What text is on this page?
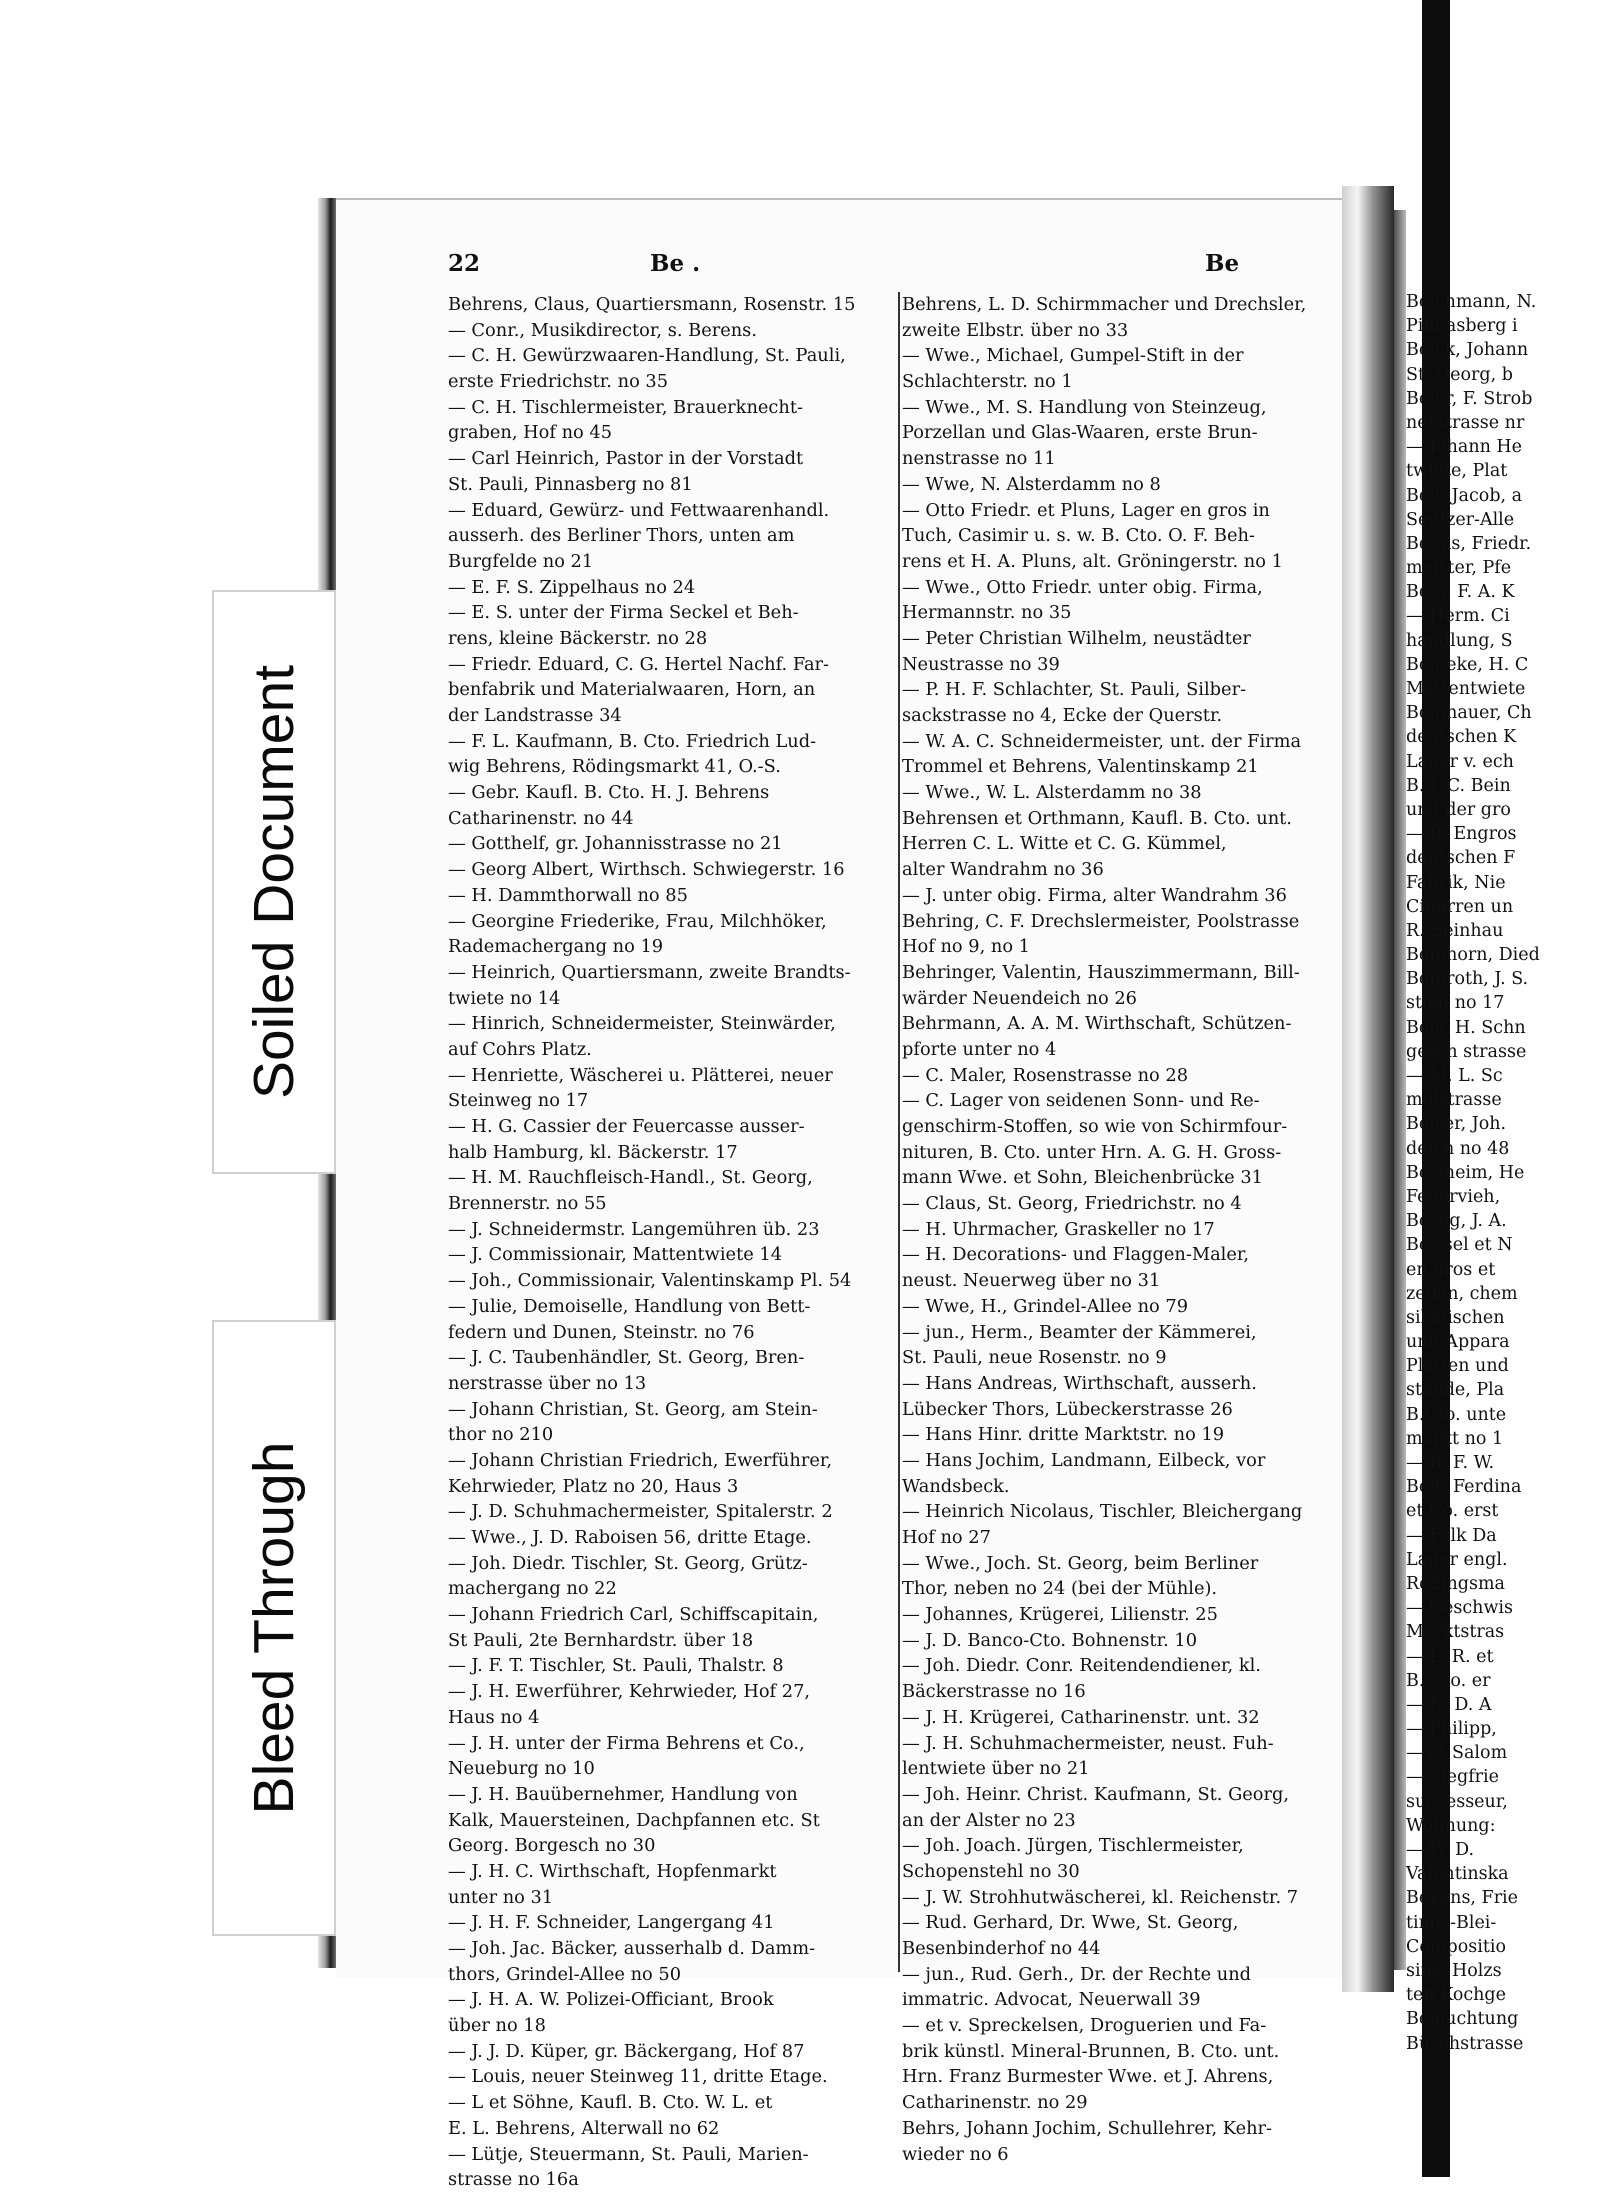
22	Be .	Be
Behrens, Claus, Quartiersmann, Rosenstr. 15
— Conr., Musikdirector, s. Berens.
— C. H. Gewürzwaaren-Handlung, St. Pauli,
erste Friedrichstr. no 35
— C. H. Tischlermeister, Brauerknecht-
graben, Hof no 45
— Carl Heinrich, Pastor in der Vorstadt
St. Pauli, Pinnasberg no 81
— Eduard, Gewürz- und Fettwaarenhandl.
ausserh. des Berliner Thors, unten am
Burgfelde no 21
— E. F. S. Zippelhaus no 24
— E. S. unter der Firma Seckel et Beh-
rens, kleine Bäckerstr. no 28
— Friedr. Eduard, C. G. Hertel Nachf. Far-
benfabrik und Materialwaaren, Horn, an
der Landstrasse 34
— F. L. Kaufmann, B. Cto. Friedrich Lud-
wig Behrens, Rödingsmarkt 41, O.-S.
— Gebr. Kaufl. B. Cto. H. J. Behrens
Catharinenstr. no 44
— Gotthelf, gr. Johannisstrasse no 21
— Georg Albert, Wirthsch. Schwiegerstr. 16
— H. Dammthorwall no 85
— Georgine Friederike, Frau, Milchhöker,
Rademachergang no 19
— Heinrich, Quartiersmann, zweite Brandts-
twiete no 14
— Hinrich, Schneidermeister, Steinwärder,
auf Cohrs Platz.
— Henriette, Wäscherei u. Plätterei, neuer
Steinweg no 17
— H. G. Cassier der Feuercasse ausser-
halb Hamburg, kl. Bäckerstr. 17
— H. M. Rauchfleisch-Handl., St. Georg,
Brennerstr. no 55
— J. Schneidermstr. Langemühren üb. 23
— J. Commissionair, Mattentwiete 14
— Joh., Commissionair, Valentinskamp Pl. 54
— Julie, Demoiselle, Handlung von Bett-
federn und Dunen, Steinstr. no 76
— J. C. Taubenhändler, St. Georg, Bren-
nerstrasse über no 13
— Johann Christian, St. Georg, am Stein-
thor no 210
— Johann Christian Friedrich, Ewerführer,
Kehrwieder, Platz no 20, Haus 3
— J. D. Schuhmachermeister, Spitalerstr. 2
— Wwe., J. D. Raboisen 56, dritte Etage.
— Joh. Diedr. Tischler, St. Georg, Grütz-
machergang no 22
— Johann Friedrich Carl, Schiffscapitain,
St Pauli, 2te Bernhardstr. über 18
— J. F. T. Tischler, St. Pauli, Thalstr. 8
— J. H. Ewerführer, Kehrwieder, Hof 27,
Haus no 4
— J. H. unter der Firma Behrens et Co.,
Neueburg no 10
— J. H. Bauübernehmer, Handlung von
Kalk, Mauersteinen, Dachpfannen etc. St
Georg. Borgesch no 30
— J. H. C. Wirthschaft, Hopfenmarkt
unter no 31
— J. H. F. Schneider, Langergang 41
— Joh. Jac. Bäcker, ausserhalb d. Damm-
thors, Grindel-Allee no 50
— J. H. A. W. Polizei-Officiant, Brook
über no 18
— J. J. D. Küper, gr. Bäckergang, Hof 87
— Louis, neuer Steinweg 11, dritte Etage.
— L et Söhne, Kaufl. B. Cto. W. L. et
E. L. Behrens, Alterwall no 62
— Lütje, Steuermann, St. Pauli, Marien-
strasse no 16a
Behrens, L. D. Schirmmacher und Drechsler,
zweite Elbstr. über no 33
— Wwe., Michael, Gumpel-Stift in der
Schlachterstr. no 1
— Wwe., M. S. Handlung von Steinzeug,
Porzellan und Glas-Waaren, erste Brun-
nenstrasse no 11
— Wwe, N. Alsterdamm no 8
— Otto Friedr. et Pluns, Lager en gros in
Tuch, Casimir u. s. w. B. Cto. O. F. Beh-
rens et H. A. Pluns, alt. Gröningerstr. no 1
— Wwe., Otto Friedr. unter obig. Firma,
Hermannstr. no 35
— Peter Christian Wilhelm, neustädter
Neustrasse no 39
— P. H. F. Schlachter, St. Pauli, Silber-
sackstrasse no 4, Ecke der Querstr.
— W. A. C. Schneidermeister, unt. der Firma
Trommel et Behrens, Valentinskamp 21
— Wwe., W. L. Alsterdamm no 38
Behrensen et Orthmann, Kaufl. B. Cto. unt.
Herren C. L. Witte et C. G. Kümmel,
alter Wandrahm no 36
— J. unter obig. Firma, alter Wandrahm 36
Behring, C. F. Drechslermeister, Poolstrasse
Hof no 9, no 1
Behringer, Valentin, Hauszimmermann, Bill-
wärder Neuendeich no 26
Behrmann, A. A. M. Wirthschaft, Schützen-
pforte unter no 4
— C. Maler, Rosenstrasse no 28
— C. Lager von seidenen Sonn- und Re-
genschirm-Stoffen, so wie von Schirmfour-
nituren, B. Cto. unter Hrn. A. G. H. Gross-
mann Wwe. et Sohn, Bleichenbrücke 31
— Claus, St. Georg, Friedrichstr. no 4
— H. Uhrmacher, Graskeller no 17
— H. Decorations- und Flaggen-Maler,
neust. Neuerweg über no 31
— Wwe, H., Grindel-Allee no 79
— jun., Herm., Beamter der Kämmerei,
St. Pauli, neue Rosenstr. no 9
— Hans Andreas, Wirthschaft, ausserh.
Lübecker Thors, Lübeckerstrasse 26
— Hans Hinr. dritte Marktstr. no 19
— Hans Jochim, Landmann, Eilbeck, vor
Wandsbeck.
— Heinrich Nicolaus, Tischler, Bleichergang
Hof no 27
— Wwe., Joch. St. Georg, beim Berliner
Thor, neben no 24 (bei der Mühle).
— Johannes, Krügerei, Lilienstr. 25
— J. D. Banco-Cto. Bohnenstr. 10
— Joh. Diedr. Conr. Reitendendiener, kl.
Bäckerstrasse no 16
— J. H. Krügerei, Catharinenstr. unt. 32
— J. H. Schuhmachermeister, neust. Fuh-
lentwiete über no 21
— Joh. Heinr. Christ. Kaufmann, St. Georg,
an der Alster no 23
— Joh. Joach. Jürgen, Tischlermeister,
Schopenstehl no 30
— J. W. Strohhutwäscherei, kl. Reichenstr. 7
— Rud. Gerhard, Dr. Wwe, St. Georg,
Besenbinderhof no 44
— jun., Rud. Gerh., Dr. der Rechte und
immatric. Advocat, Neuerwall 39
— et v. Spreckelsen, Droguerien und Fa-
brik künstl. Mineral-Brunnen, B. Cto. unt.
Hrn. Franz Burmester Wwe. et J. Ahrens,
Catharinenstr. no 29
Behrs, Johann Jochim, Schullehrer, Kehr-
wieder no 6
Beichmann, N.
Pinnasberg i
Beick, Johann
St. Georg, b
Beier, F. Strob
nerstrasse nr
— Johann He
twiete, Plat
Beil, Jacob, a
Seufzer-Alle
Beims, Friedr.
meister, Pfe
Bein, F. A. K
— Herm. Ci
handlung, S
Beineke, H. C
Mattentwiete
Beinhauer, Ch
deutschen K
Lager v. ech
B. J. C. Bein
und der gro
— R. Engros
deutschen F
Fabrik, Nie
Cigarren un
R. Beinhau
Beinhorn, Died
Beinroth, J. S.
stieg no 17
Beis, H. Schn
gesch strasse
— M. L. Sc
melstrasse
Beiser, Joh.
deich no 48
Beisheim, He
Federvieh,
Beisig, J. A.
Beissel et N
en gros et
zellan, chem
sikalischen
und Appara
Platten und
stände, Pla
B.Cto. unte
markt no 1
— B. F. W.
Beit, Ferdina
et Co. erst
— Falk Da
Lager engl.
Rödingsma
— Geschwis
Marktstras
— L. R. et
B. Cto. er
— N. D. A
— Philipp,
— et Salom
— Siegfrie
successeur,
Wohnung:
— W. D.
Valentinska
Bekens, Frie
tings-Blei-
Compositio
sins, Holzs
ten Kochge
Beleuchtung
Büschstrasse
Soiled Document
Bleed Through
